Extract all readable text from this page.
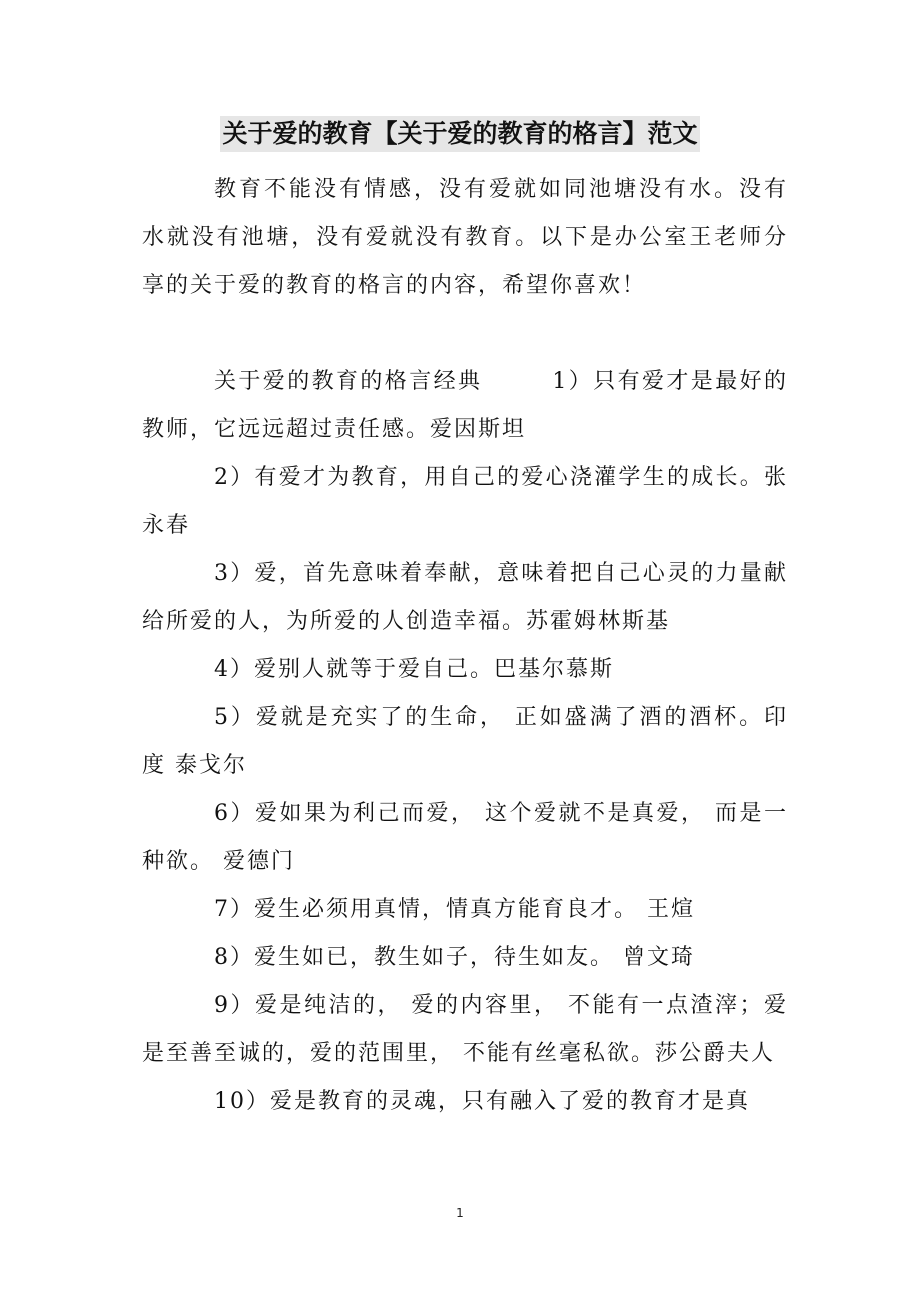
关于爱的教育【关于爱的教育的格言】范文

教育不能没有情感，没有爱就如同池塘没有水。没有水就没有池塘，没有爱就没有教育。以下是办公室王老师分享的关于爱的教育的格言的内容，希望你喜欢！

关于爱的教育的格言经典	1）只有爱才是最好的教师，它远远超过责任感。爱因斯坦

2）有爱才为教育，用自己的爱心浇灌学生的成长。张永春

3）爱，首先意味着奉献，意味着把自己心灵的力量献给所爱的人，为所爱的人创造幸福。苏霍姆林斯基

4）爱别人就等于爱自己。巴基尔慕斯

5）爱就是充实了的生命， 正如盛满了酒的酒杯。印度 泰戈尔

6）爱如果为利己而爱， 这个爱就不是真爱， 而是一种欲。 爱德门

7）爱生必须用真情，情真方能育良才。 王煊

8）爱生如已，教生如子，待生如友。 曾文琦

9）爱是纯洁的， 爱的内容里， 不能有一点渣滓；爱是至善至诚的，爱的范围里， 不能有丝毫私欲。莎公爵夫人

10）爱是教育的灵魂，只有融入了爱的教育才是真

1
